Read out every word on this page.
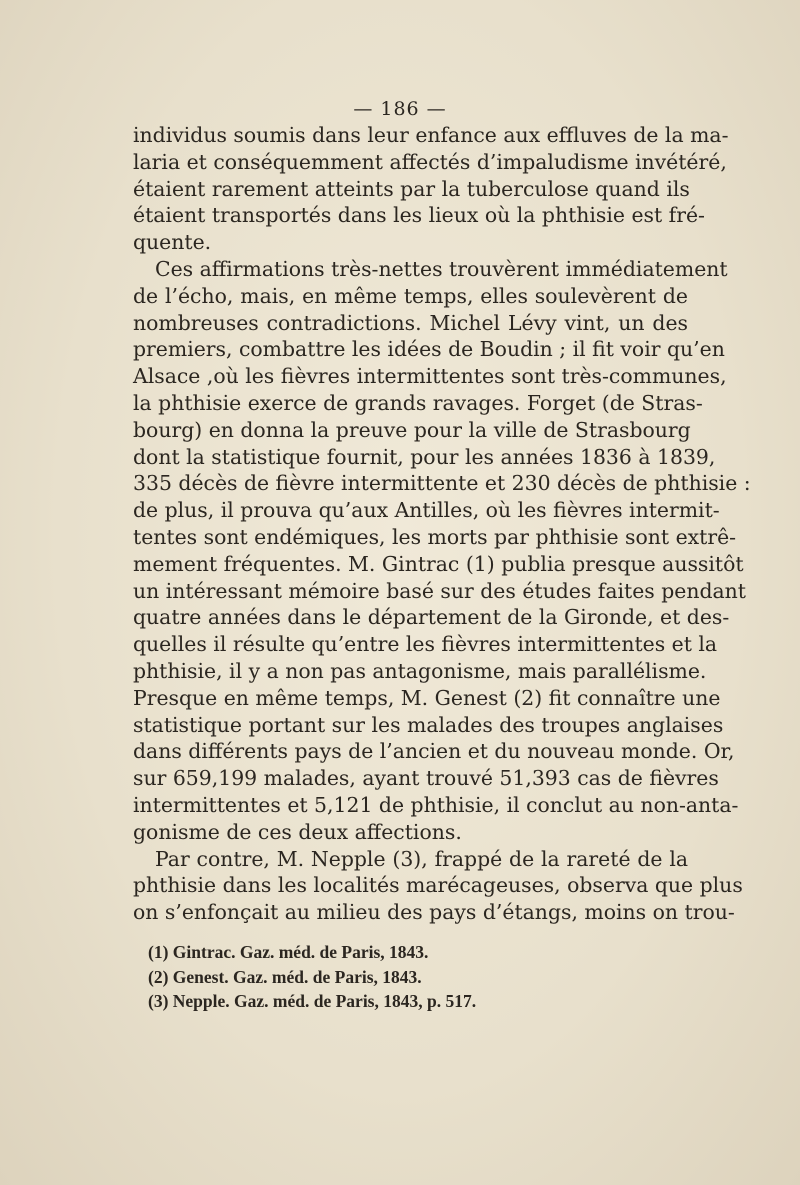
— 186 —
individus soumis dans leur enfance aux effluves de la ma-
laria et conséquemment affectés d’impaludisme invétéré,
étaient rarement atteints par la tuberculose quand ils
étaient transportés dans les lieux où la phthisie est fré-
quente.
Ces affirmations très-nettes trouvèrent immédiatement
de l’écho, mais, en même temps, elles soulevèrent de
nombreuses contradictions. Michel Lévy vint, un des
premiers, combattre les idées de Boudin ; il fit voir qu’en
Alsace ,où les fièvres intermittentes sont très-communes,
la phthisie exerce de grands ravages. Forget (de Stras-
bourg) en donna la preuve pour la ville de Strasbourg
dont la statistique fournit, pour les années 1836 à 1839,
335 décès de fièvre intermittente et 230 décès de phthisie :
de plus, il prouva qu’aux Antilles, où les fièvres intermit-
tentes sont endémiques, les morts par phthisie sont extrê-
mement fréquentes. M. Gintrac (1) publia presque aussitôt
un intéressant mémoire basé sur des études faites pendant
quatre années dans le département de la Gironde, et des-
quelles il résulte qu’entre les fièvres intermittentes et la
phthisie, il y a non pas antagonisme, mais parallélisme.
Presque en même temps, M. Genest (2) fit connaître une
statistique portant sur les malades des troupes anglaises
dans différents pays de l’ancien et du nouveau monde. Or,
sur 659,199 malades, ayant trouvé 51,393 cas de fièvres
intermittentes et 5,121 de phthisie, il conclut au non-anta-
gonisme de ces deux affections.
Par contre, M. Nepple (3), frappé de la rareté de la
phthisie dans les localités marécageuses, observa que plus
on s’enfonçait au milieu des pays d’étangs, moins on trou-
(1) Gintrac. Gaz. méd. de Paris, 1843.
(2) Genest. Gaz. méd. de Paris, 1843.
(3) Nepple. Gaz. méd. de Paris, 1843, p. 517.
